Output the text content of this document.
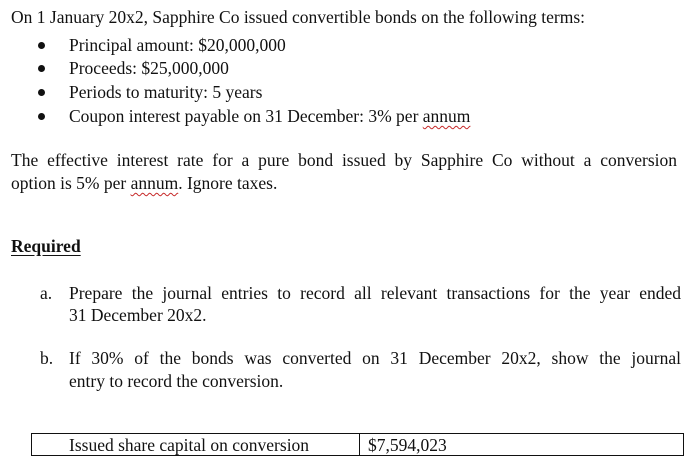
On 1 January 20x2, Sapphire Co issued convertible bonds on the following terms:
Principal amount: $20,000,000
Proceeds: $25,000,000
Periods to maturity: 5 years
Coupon interest payable on 31 December: 3% per annum
The effective interest rate for a pure bond issued by Sapphire Co without a conversion
option is 5% per annum. Ignore taxes.
Required
a. Prepare the journal entries to record all relevant transactions for the year ended
31 December 20x2.
b. If 30% of the bonds was converted on 31 December 20x2, show the journal
entry to record the conversion.
Issued share capital on conversion	$7,594,023
